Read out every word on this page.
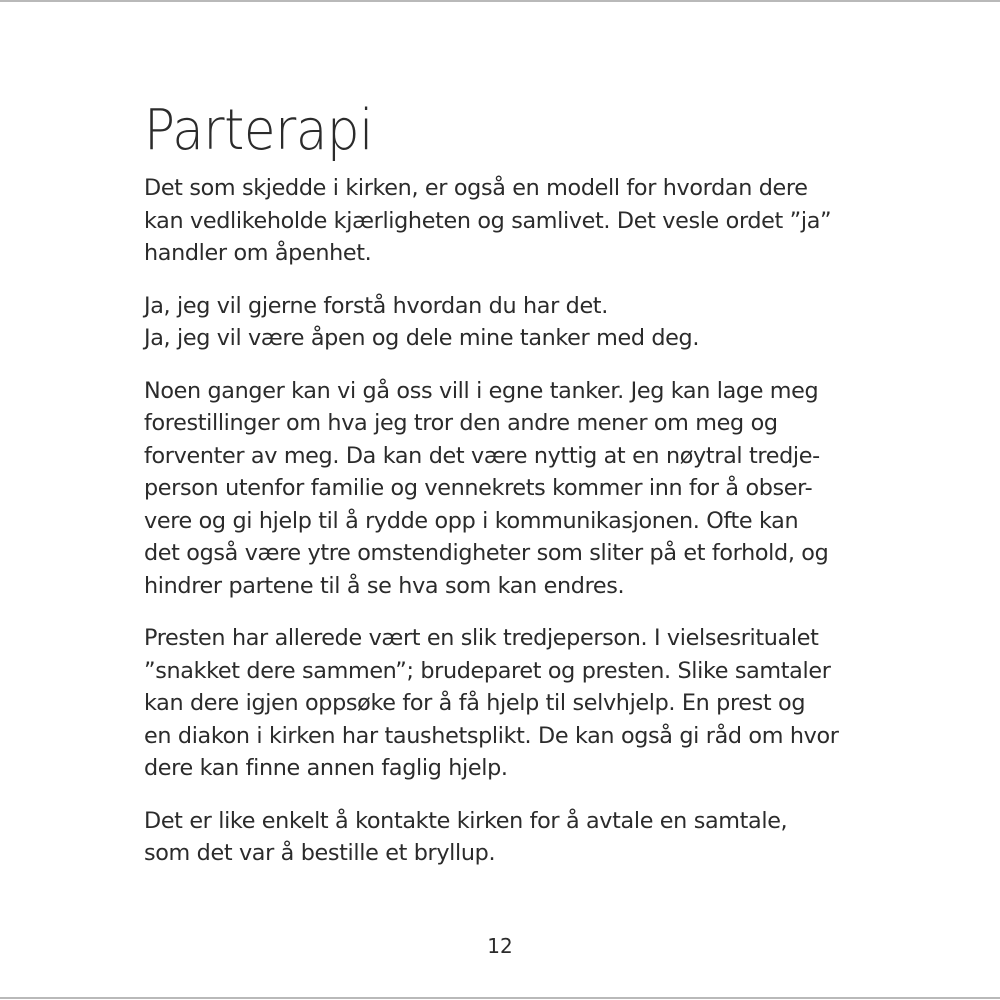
Parterapi
Det som skjedde i kirken, er også en modell for hvordan dere
kan vedlikeholde kjærligheten og samlivet. Det vesle ordet ”ja”
handler om åpenhet.
Ja, jeg vil gjerne forstå hvordan du har det.
Ja, jeg vil være åpen og dele mine tanker med deg.
Noen ganger kan vi gå oss vill i egne tanker. Jeg kan lage meg
forestillinger om hva jeg tror den andre mener om meg og
forventer av meg. Da kan det være nyttig at en nøytral tredje-
person utenfor familie og vennekrets kommer inn for å obser-
vere og gi hjelp til å rydde opp i kommunikasjonen. Ofte kan
det også være ytre omstendigheter som sliter på et forhold, og
hindrer partene til å se hva som kan endres.
Presten har allerede vært en slik tredjeperson. I vielsesritualet
”snakket dere sammen”; brudeparet og presten. Slike samtaler
kan dere igjen oppsøke for å få hjelp til selvhjelp. En prest og
en diakon i kirken har taushetsplikt. De kan også gi råd om hvor
dere kan finne annen faglig hjelp.
Det er like enkelt å kontakte kirken for å avtale en samtale,
som det var å bestille et bryllup.
12
